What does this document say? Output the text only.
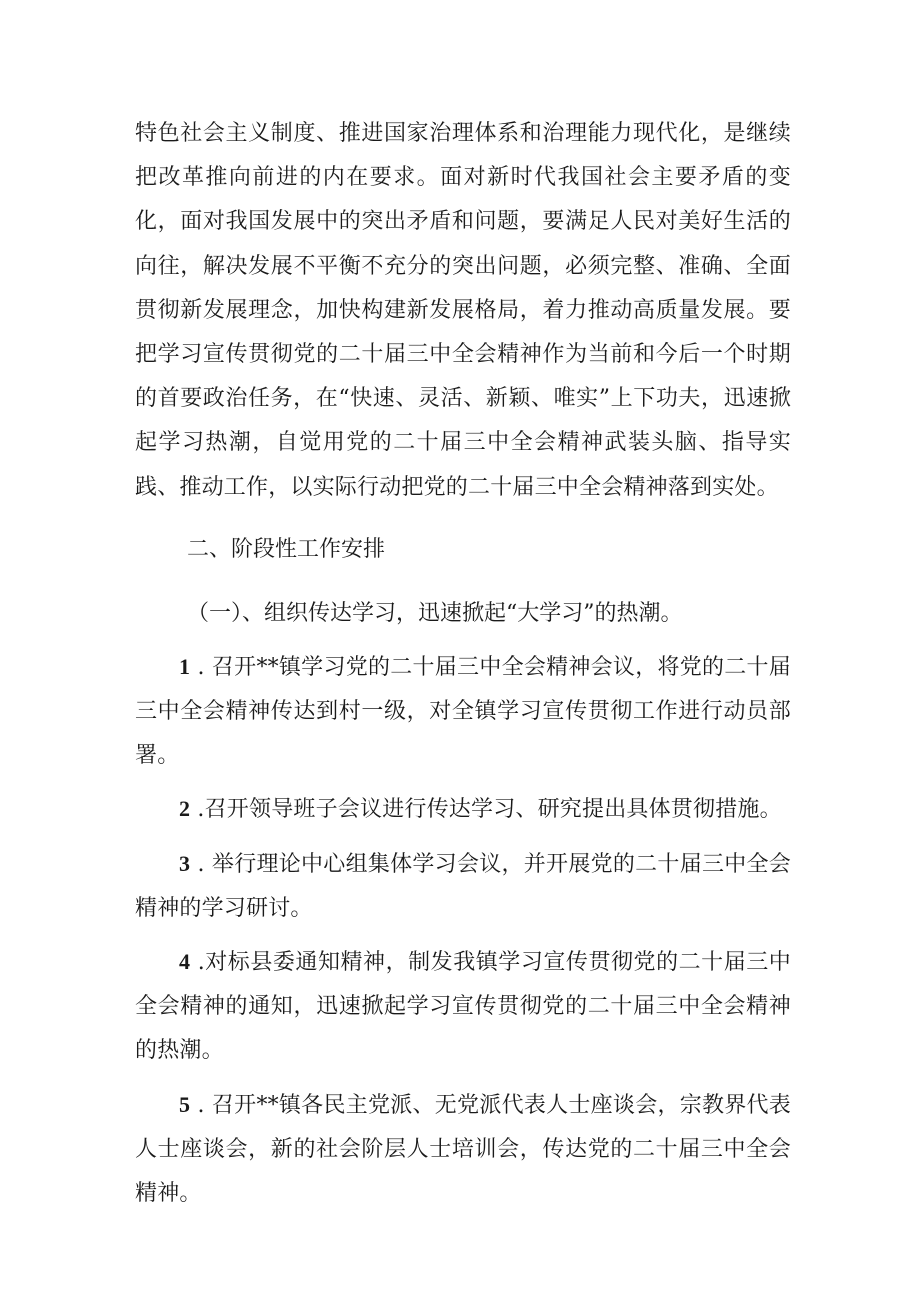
特色社会主义制度、推进国家治理体系和治理能力现代化，是继续把改革推向前进的内在要求。面对新时代我国社会主要矛盾的变化，面对我国发展中的突出矛盾和问题，要满足人民对美好生活的向往，解决发展不平衡不充分的突出问题，必须完整、准确、全面贯彻新发展理念，加快构建新发展格局，着力推动高质量发展。要把学习宣传贯彻党的二十届三中全会精神作为当前和今后一个时期的首要政治任务，在“快速、灵活、新颖、唯实”上下功夫，迅速掀起学习热潮，自觉用党的二十届三中全会精神武装头脑、指导实践、推动工作，以实际行动把党的二十届三中全会精神落到实处。

二、阶段性工作安排

（一）、组织传达学习，迅速掀起“大学习”的热潮。

1 . 召开**镇学习党的二十届三中全会精神会议，将党的二十届三中全会精神传达到村一级，对全镇学习宣传贯彻工作进行动员部署。

2 .召开领导班子会议进行传达学习、研究提出具体贯彻措施。

3 . 举行理论中心组集体学习会议，并开展党的二十届三中全会精神的学习研讨。

4 .对标县委通知精神，制发我镇学习宣传贯彻党的二十届三中全会精神的通知，迅速掀起学习宣传贯彻党的二十届三中全会精神的热潮。

5 . 召开**镇各民主党派、无党派代表人士座谈会，宗教界代表人士座谈会，新的社会阶层人士培训会，传达党的二十届三中全会精神。
